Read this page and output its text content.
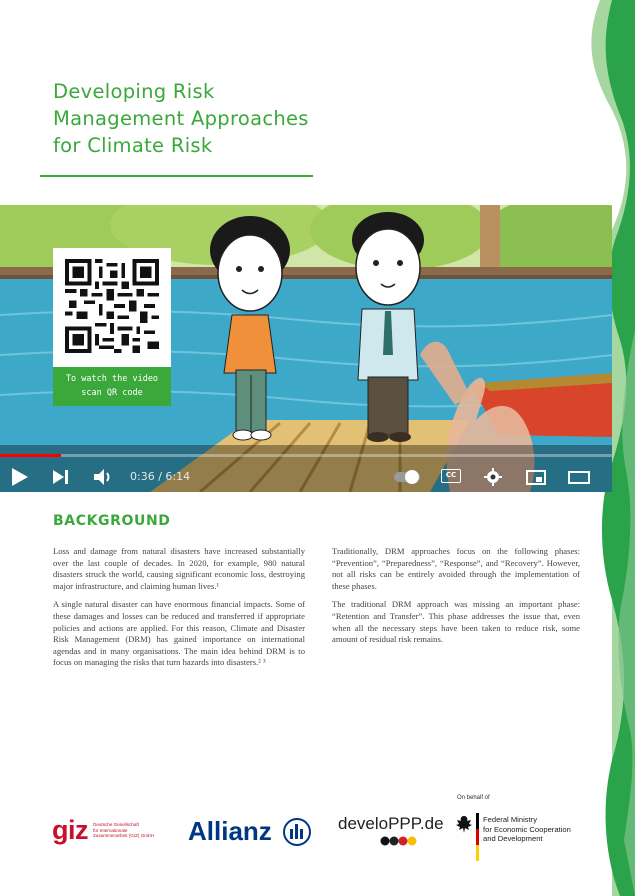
Developing Risk
Management Approaches
for Climate Risk
0:36 / 6:14	CC
To watch the video
scan QR code
BACKGROUND

Loss and damage from natural disasters have increased substantially over the last couple of decades. In 2020, for example, 980 natural disasters struck the world, causing significant economic loss, destroying major infrastructure, and claiming human lives.¹

A single natural disaster can have enormous financial impacts. Some of these damages and losses can be reduced and transferred if appropriate policies and actions are applied. For this reason, Climate and Disaster Risk Management (DRM) has gained importance on international agendas and in many organisations. The main idea behind DRM is to focus on managing the risks that turn hazards into disasters.² ³

Traditionally, DRM approaches focus on the following phases: “Prevention”, “Preparedness”, “Response”, and “Recovery”. However, not all risks can be entirely avoided through the implementation of these phases.

The traditional DRM approach was missing an important phase: “Retention and Transfer”. This phase addresses the issue that, even when all the necessary steps have been taken to reduce risk, some amount of residual risk remains.

On behalf of
giz Deutsche Gesellschaft
für Internationale
Zusammenarbeit (GIZ) GmbH Allianz	develoPPP.de	Federal Ministry
for Economic Cooperation
and Development
